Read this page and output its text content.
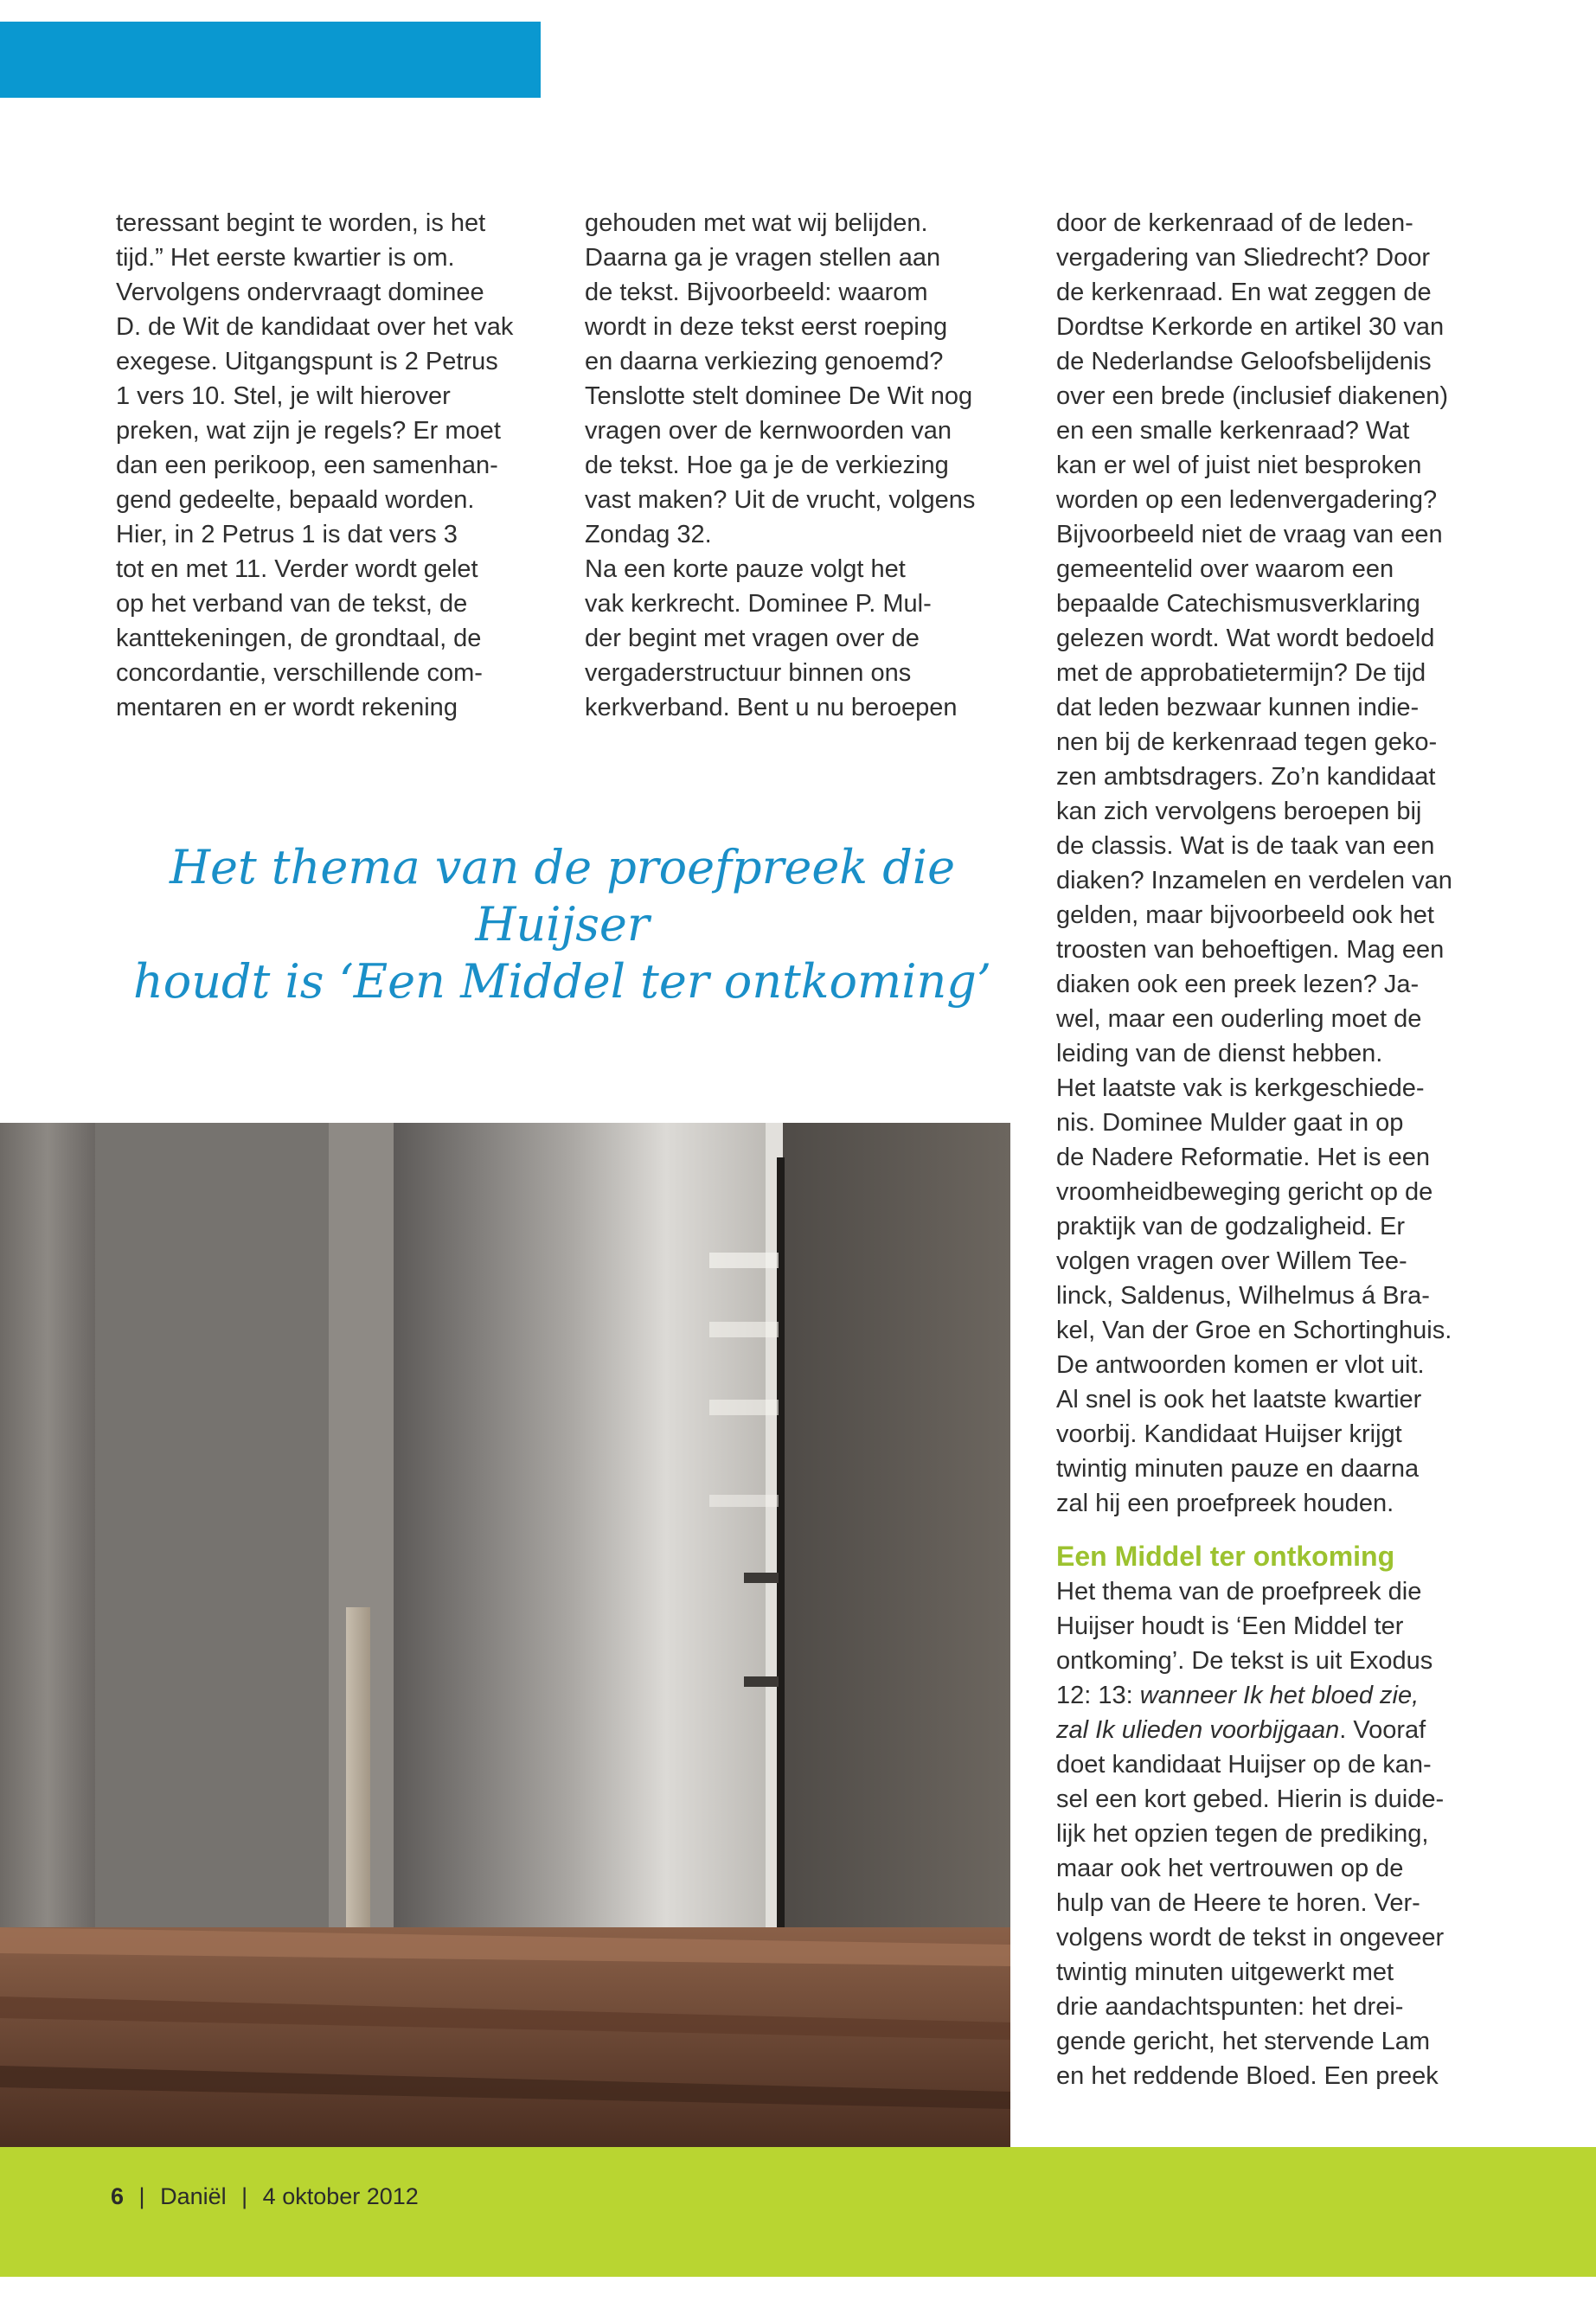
teressant begint te worden, is het

tijd.” Het eerste kwartier is om.

Vervolgens ondervraagt dominee

D. de Wit de kandidaat over het vak

exegese. Uitgangspunt is 2 Petrus

1 vers 10. Stel, je wilt hierover

preken, wat zijn je regels? Er moet

dan een perikoop, een samenhan-

gend gedeelte, bepaald worden.

Hier, in 2 Petrus 1 is dat vers 3

tot en met 11. Verder wordt gelet

op het verband van de tekst, de

kanttekeningen, de grondtaal, de

concordantie, verschillende com-

mentaren en er wordt rekening

gehouden met wat wij belijden.

Daarna ga je vragen stellen aan

de tekst. Bijvoorbeeld: waarom

wordt in deze tekst eerst roeping

en daarna verkiezing genoemd?

Tenslotte stelt dominee De Wit nog

vragen over de kernwoorden van

de tekst. Hoe ga je de verkiezing

vast maken? Uit de vrucht, volgens

Zondag 32.

Na een korte pauze volgt het

vak kerkrecht. Dominee P. Mul-

der begint met vragen over de

vergaderstructuur binnen ons

kerkverband. Bent u nu beroepen

Het thema van de proefpreek die Huijser
houdt is ‘Een Middel ter ontkoming’

door de kerkenraad of de leden-

vergadering van Sliedrecht? Door

de kerkenraad. En wat zeggen de

Dordtse Kerkorde en artikel 30 van

de Nederlandse Geloofsbelijdenis

over een brede (inclusief diakenen)

en een smalle kerkenraad? Wat

kan er wel of juist niet besproken

worden op een ledenvergadering?

Bijvoorbeeld niet de vraag van een

gemeentelid over waarom een

bepaalde Catechismusverklaring

gelezen wordt. Wat wordt bedoeld

met de approbatietermijn? De tijd

dat leden bezwaar kunnen indie-

nen bij de kerkenraad tegen geko-

zen ambtsdragers. Zo’n kandidaat

kan zich vervolgens beroepen bij

de classis. Wat is de taak van een

diaken? Inzamelen en verdelen van

gelden, maar bijvoorbeeld ook het

troosten van behoeftigen. Mag een

diaken ook een preek lezen? Ja-

wel, maar een ouderling moet de

leiding van de dienst hebben.

Het laatste vak is kerkgeschiede-

nis. Dominee Mulder gaat in op

de Nadere Reformatie. Het is een

vroomheidbeweging gericht op de

praktijk van de godzaligheid. Er

volgen vragen over Willem Tee-

linck, Saldenus, Wilhelmus á Bra-

kel, Van der Groe en Schortinghuis.

De antwoorden komen er vlot uit.

Al snel is ook het laatste kwartier

voorbij. Kandidaat Huijser krijgt

twintig minuten pauze en daarna

zal hij een proefpreek houden.

Een Middel ter ontkoming

Het thema van de proefpreek die

Huijser houdt is ‘Een Middel ter

ontkoming’. De tekst is uit Exodus

12: 13: wanneer Ik het bloed zie,

zal Ik ulieden voorbijgaan. Vooraf

doet kandidaat Huijser op de kan-

sel een kort gebed. Hierin is duide-

lijk het opzien tegen de prediking,

maar ook het vertrouwen op de

hulp van de Heere te horen. Ver-

volgens wordt de tekst in ongeveer

twintig minuten uitgewerkt met

drie aandachtspunten: het drei-

gende gericht, het stervende Lam

en het reddende Bloed. Een preek

6 | Daniël | 4 oktober 2012
